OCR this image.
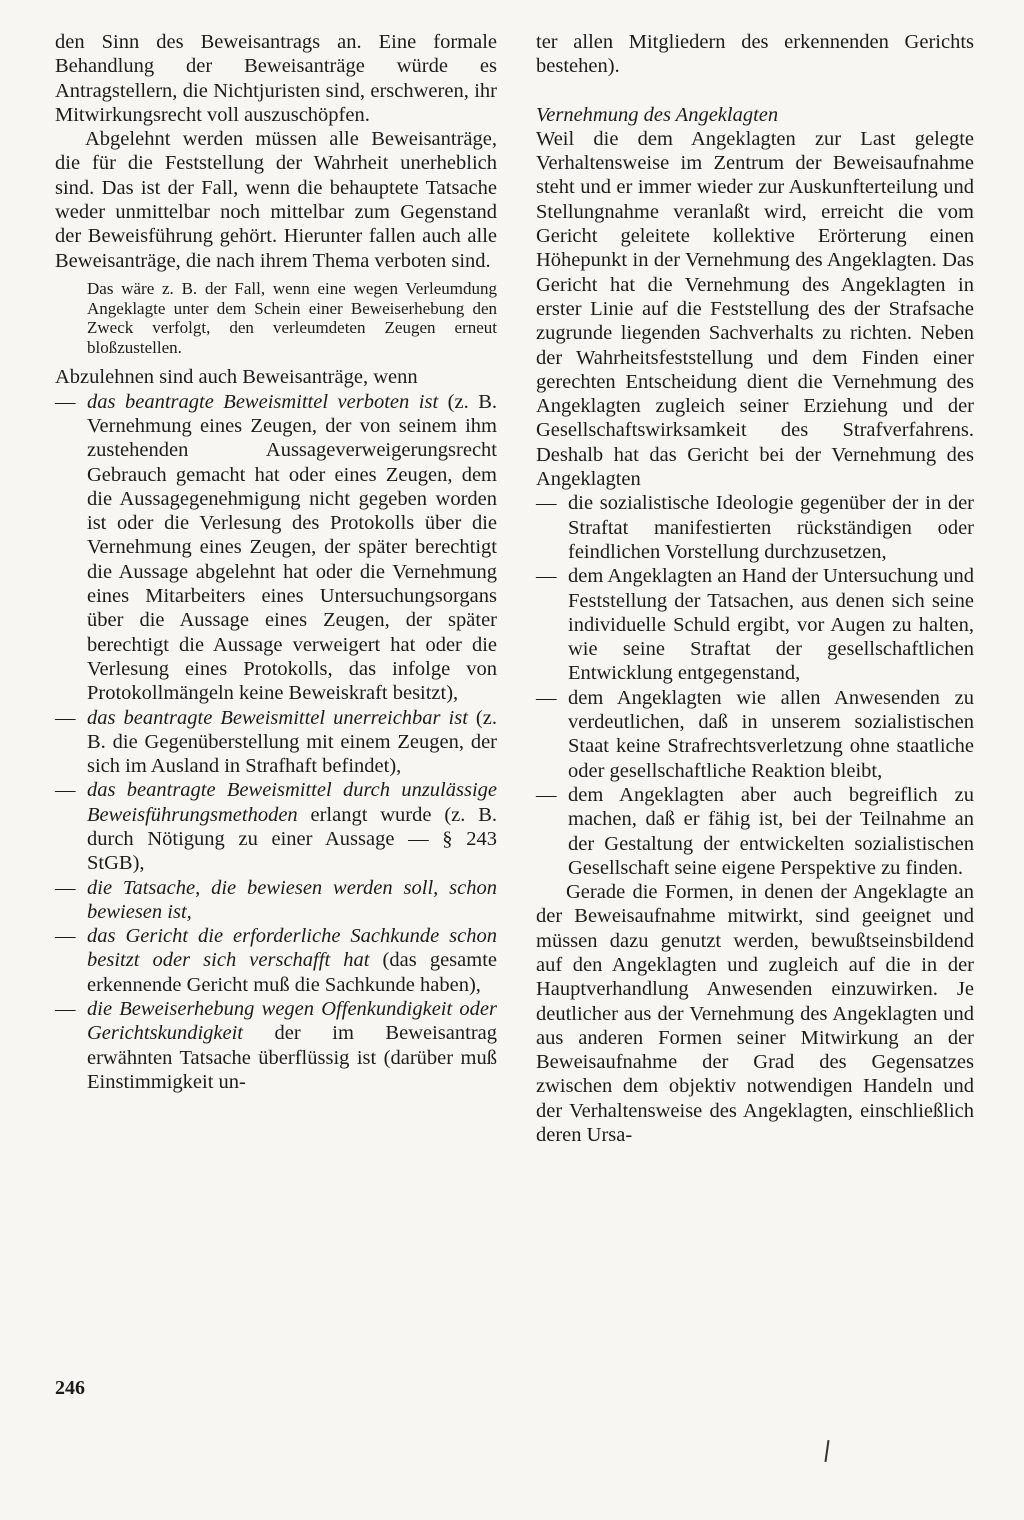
den Sinn des Beweisantrags an. Eine formale Behandlung der Beweisanträge würde es Antragstellern, die Nichtjuristen sind, erschweren, ihr Mitwirkungsrecht voll auszuschöpfen.

Abgelehnt werden müssen alle Beweisanträge, die für die Feststellung der Wahrheit unerheblich sind. Das ist der Fall, wenn die behauptete Tatsache weder unmittelbar noch mittelbar zum Gegenstand der Beweisführung gehört. Hierunter fallen auch alle Beweisanträge, die nach ihrem Thema verboten sind.

Das wäre z. B. der Fall, wenn eine wegen Verleumdung Angeklagte unter dem Schein einer Beweiserhebung den Zweck verfolgt, den verleumdeten Zeugen erneut bloßzustellen.

Abzulehnen sind auch Beweisanträge, wenn

— das beantragte Beweismittel verboten ist (z. B. Vernehmung eines Zeugen, der von seinem ihm zustehenden Aussageverweigerungsrecht Gebrauch gemacht hat oder eines Zeugen, dem die Aussagegenehmigung nicht gegeben worden ist oder die Verlesung des Protokolls über die Vernehmung eines Zeugen, der später berechtigt die Aussage abgelehnt hat oder die Vernehmung eines Mitarbeiters eines Untersuchungsorgans über die Aussage eines Zeugen, der später berechtigt die Aussage verweigert hat oder die Verlesung eines Protokolls, das infolge von Protokollmängeln keine Beweiskraft besitzt),
— das beantragte Beweismittel unerreichbar ist (z. B. die Gegenüberstellung mit einem Zeugen, der sich im Ausland in Strafhaft befindet),
— das beantragte Beweismittel durch unzulässige Beweisführungsmethoden erlangt wurde (z. B. durch Nötigung zu einer Aussage — § 243 StGB),
— die Tatsache, die bewiesen werden soll, schon bewiesen ist,
— das Gericht die erforderliche Sachkunde schon besitzt oder sich verschafft hat (das gesamte erkennende Gericht muß die Sachkunde haben),
— die Beweiserhebung wegen Offenkundigkeit oder Gerichtskundigkeit der im Beweisantrag erwähnten Tatsache überflüssig ist (darüber muß Einstimmigkeit un-

ter allen Mitgliedern des erkennenden Gerichts bestehen).

Vernehmung des Angeklagten

Weil die dem Angeklagten zur Last gelegte Verhaltensweise im Zentrum der Beweisaufnahme steht und er immer wieder zur Auskunfterteilung und Stellungnahme veranlaßt wird, erreicht die vom Gericht geleitete kollektive Erörterung einen Höhepunkt in der Vernehmung des Angeklagten. Das Gericht hat die Vernehmung des Angeklagten in erster Linie auf die Feststellung des der Strafsache zugrunde liegenden Sachverhalts zu richten. Neben der Wahrheitsfeststellung und dem Finden einer gerechten Entscheidung dient die Vernehmung des Angeklagten zugleich seiner Erziehung und der Gesellschaftswirksamkeit des Strafverfahrens. Deshalb hat das Gericht bei der Vernehmung des Angeklagten

— die sozialistische Ideologie gegenüber der in der Straftat manifestierten rückständigen oder feindlichen Vorstellung durchzusetzen,
— dem Angeklagten an Hand der Untersuchung und Feststellung der Tatsachen, aus denen sich seine individuelle Schuld ergibt, vor Augen zu halten, wie seine Straftat der gesellschaftlichen Entwicklung entgegenstand,
— dem Angeklagten wie allen Anwesenden zu verdeutlichen, daß in unserem sozialistischen Staat keine Strafrechtsverletzung ohne staatliche oder gesellschaftliche Reaktion bleibt,
— dem Angeklagten aber auch begreiflich zu machen, daß er fähig ist, bei der Teilnahme an der Gestaltung der entwickelten sozialistischen Gesellschaft seine eigene Perspektive zu finden.

Gerade die Formen, in denen der Angeklagte an der Beweisaufnahme mitwirkt, sind geeignet und müssen dazu genutzt werden, bewußtseinsbildend auf den Angeklagten und zugleich auf die in der Hauptverhandlung Anwesenden einzuwirken. Je deutlicher aus der Vernehmung des Angeklagten und aus anderen Formen seiner Mitwirkung an der Beweisaufnahme der Grad des Gegensatzes zwischen dem objektiv notwendigen Handeln und der Verhaltensweise des Angeklagten, einschließlich deren Ursa-

246
